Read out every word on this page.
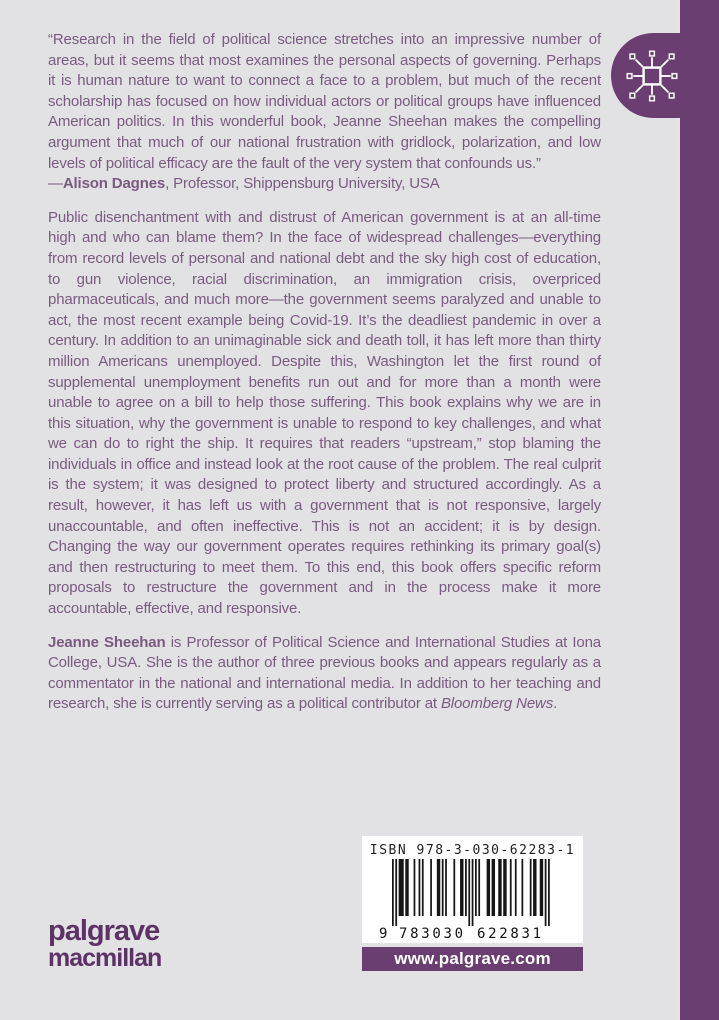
“Research in the field of political science stretches into an impressive number of areas, but it seems that most examines the personal aspects of governing. Perhaps it is human nature to want to connect a face to a problem, but much of the recent scholarship has focused on how individual actors or political groups have influenced American politics. In this wonderful book, Jeanne Sheehan makes the compelling argument that much of our national frustration with gridlock, polarization, and low levels of political efficacy are the fault of the very system that confounds us.”

—Alison Dagnes, Professor, Shippensburg University, USA

Public disenchantment with and distrust of American government is at an all-time high and who can blame them? In the face of widespread challenges—everything from record levels of personal and national debt and the sky high cost of education, to gun violence, racial discrimination, an immigration crisis, overpriced pharmaceuticals, and much more—the government seems paralyzed and unable to act, the most recent example being Covid-19. It’s the deadliest pandemic in over a century. In addition to an unimaginable sick and death toll, it has left more than thirty million Americans unemployed. Despite this, Washington let the first round of supplemental unemployment benefits run out and for more than a month were unable to agree on a bill to help those suffering. This book explains why we are in this situation, why the government is unable to respond to key challenges, and what we can do to right the ship. It requires that readers “upstream,” stop blaming the individuals in office and instead look at the root cause of the problem. The real culprit is the system; it was designed to protect liberty and structured accordingly. As a result, however, it has left us with a government that is not responsive, largely unaccountable, and often ineffective. This is not an accident; it is by design. Changing the way our government operates requires rethinking its primary goal(s) and then restructuring to meet them. To this end, this book offers specific reform proposals to restructure the government and in the process make it more accountable, effective, and responsive.

Jeanne Sheehan is Professor of Political Science and International Studies at Iona College, USA. She is the author of three previous books and appears regularly as a commentator in the national and international media. In addition to her teaching and research, she is currently serving as a political contributor at Bloomberg News.

palgrave
macmillan
ISBN 978-3-030-62283-1
9 783030 622831
www.palgrave.com
